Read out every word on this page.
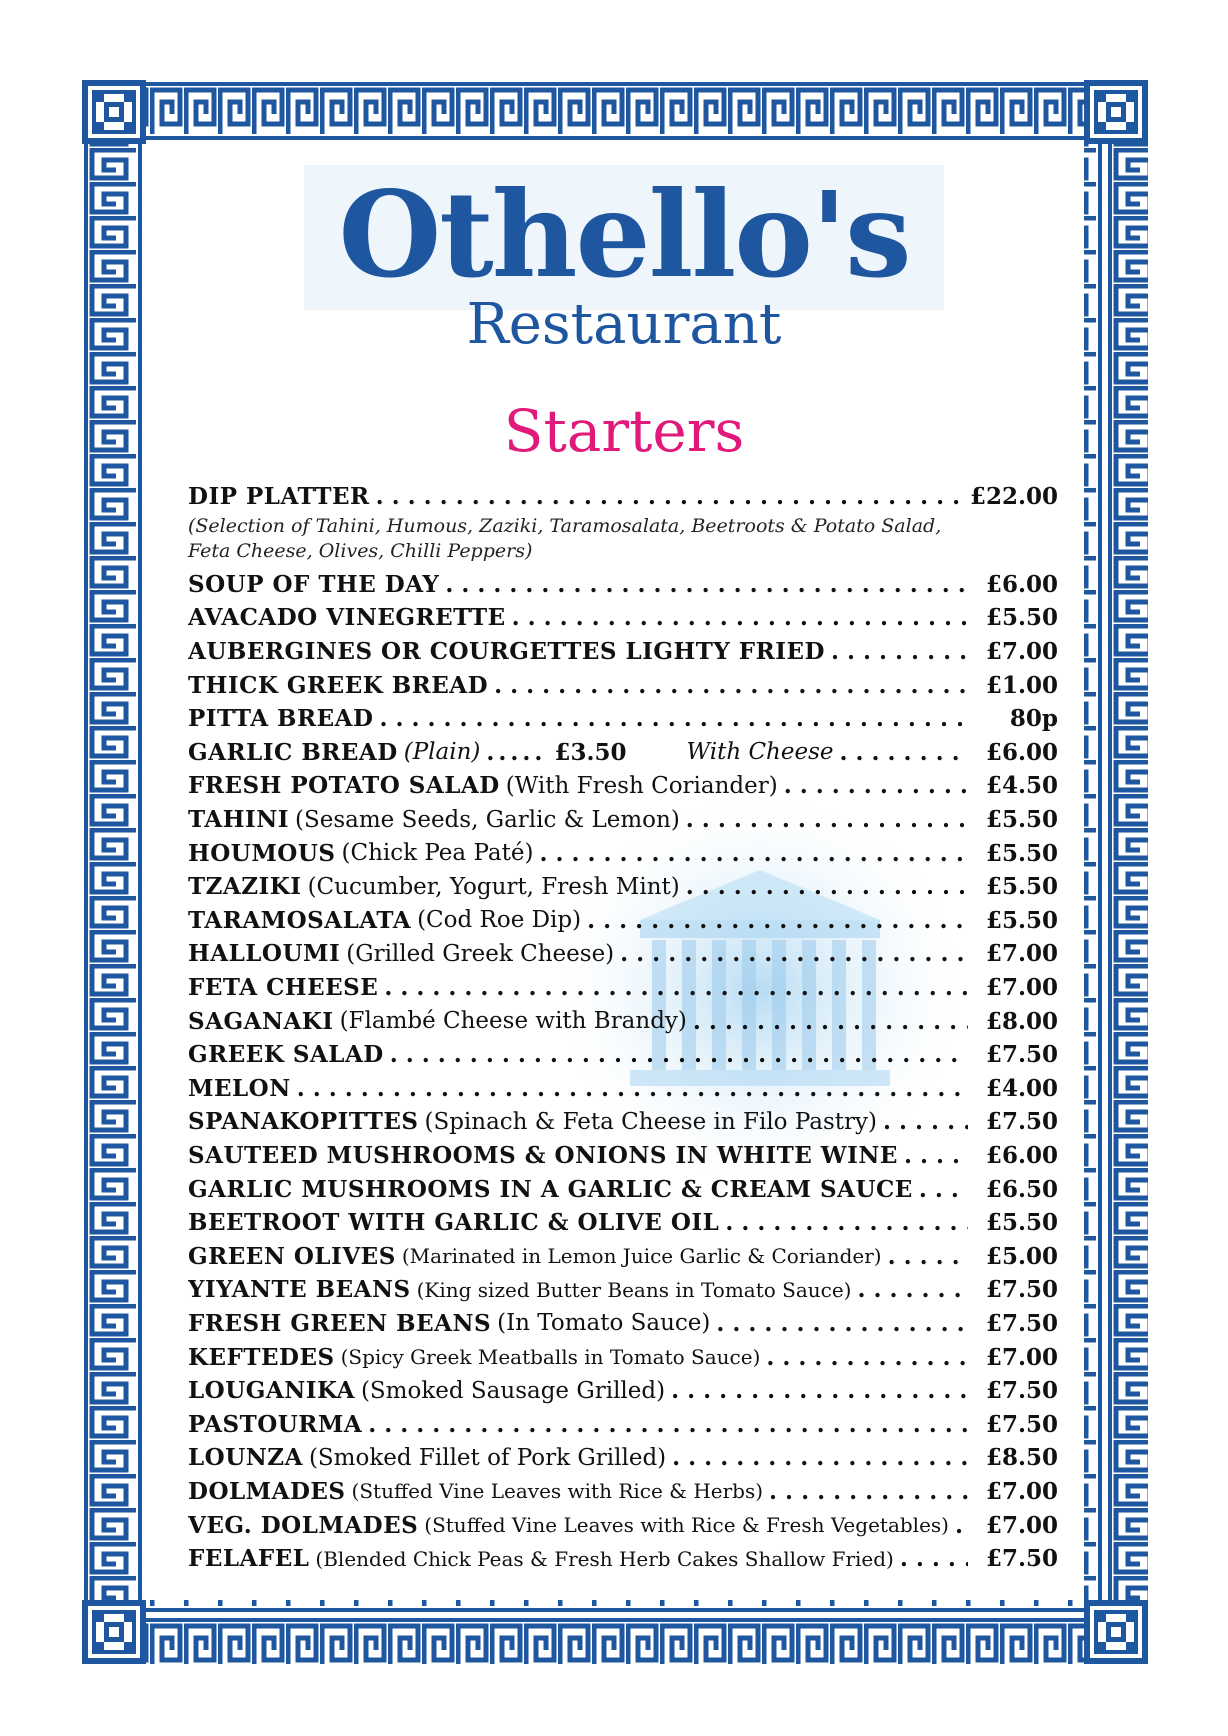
Othello's
Restaurant
Starters
DIP PLATTER . . .	£22.00
(Selection of Tahini, Humous, Zaziki, Taramosalata, Beetroots & Potato Salad, Feta Cheese, Olives, Chilli Peppers)
SOUP OF THE DAY . . .	£6.00
AVACADO VINEGRETTE . . .	£5.50
AUBERGINES OR COURGETTES LIGHTY FRIED . . .	£7.00
THICK GREEK BREAD . . .	£1.00
PITTA BREAD . . .	80p
GARLIC BREAD (Plain) ..... £3.50	With Cheese . . .	£6.00
FRESH POTATO SALAD (With Fresh Coriander) . . .	£4.50
TAHINI (Sesame Seeds, Garlic & Lemon) . . .	£5.50
HOUMOUS (Chick Pea Paté) . . .	£5.50
TZAZIKI (Cucumber, Yogurt, Fresh Mint) . . .	£5.50
TARAMOSALATA (Cod Roe Dip) . . .	£5.50
HALLOUMI (Grilled Greek Cheese) . . .	£7.00
FETA CHEESE . . .	£7.00
SAGANAKI (Flambé Cheese with Brandy) . . .	£8.00
GREEK SALAD . . .	£7.50
MELON . . .	£4.00
SPANAKOPITTES (Spinach & Feta Cheese in Filo Pastry) . . .	£7.50
SAUTEED MUSHROOMS & ONIONS IN WHITE WINE . . .	£6.00
GARLIC MUSHROOMS IN A GARLIC & CREAM SAUCE . . .	£6.50
BEETROOT WITH GARLIC & OLIVE OIL . . .	£5.50
GREEN OLIVES (Marinated in Lemon Juice Garlic & Coriander) . . .	£5.00
YIYANTE BEANS (King sized Butter Beans in Tomato Sauce) . . .	£7.50
FRESH GREEN BEANS (In Tomato Sauce) . . .	£7.50
KEFTEDES (Spicy Greek Meatballs in Tomato Sauce) . . .	£7.00
LOUGANIKA (Smoked Sausage Grilled) . . .	£7.50
PASTOURMA . . .	£7.50
LOUNZA (Smoked Fillet of Pork Grilled) . . .	£8.50
DOLMADES (Stuffed Vine Leaves with Rice & Herbs) . . .	£7.00
VEG. DOLMADES (Stuffed Vine Leaves with Rice & Fresh Vegetables) . . .	£7.00
FELAFEL (Blended Chick Peas & Fresh Herb Cakes Shallow Fried) . . .	£7.50
